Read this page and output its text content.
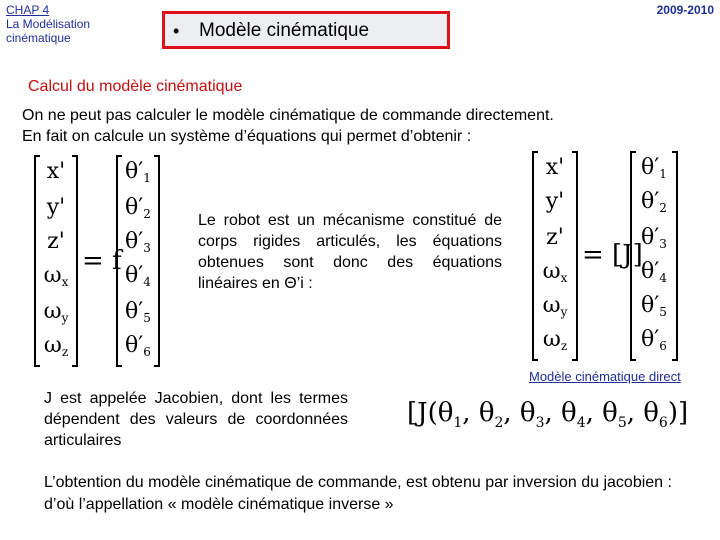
CHAP 4
La Modélisation
cinématique
2009-2010
• Modèle cinématique
Calcul du modèle cinématique
On ne peut pas calculer le modèle cinématique de commande directement.
En fait on calcule un système d’équations qui permet d’obtenir :
x'
y'
z'
$\omega_x$
$\omega_y$
$\omega_z$
= f
$\theta'_1$
$\theta'_2$
$\theta'_3$
$\theta'_4$
$\theta'_5$
$\theta'_6$
Le robot est un mécanisme constitué de corps rigides articulés, les équations obtenues sont donc des équations linéaires en Θ’i :
x'
y'
z'
$\omega_x$
$\omega_y$
$\omega_z$
= [J]
$\theta'_1$
$\theta'_2$
$\theta'_3$
$\theta'_4$
$\theta'_5$
$\theta'_6$
Modèle cinématique direct
J est appelée Jacobien, dont les termes dépendent des valeurs de coordonnées articulaires
[$J(\theta_1$, $\theta_2$, $\theta_3$, $\theta_4$, $\theta_5$, $\theta_6$)]
L’obtention du modèle cinématique de commande, est obtenu par inversion du jacobien : d’où l’appellation « modèle cinématique inverse »
